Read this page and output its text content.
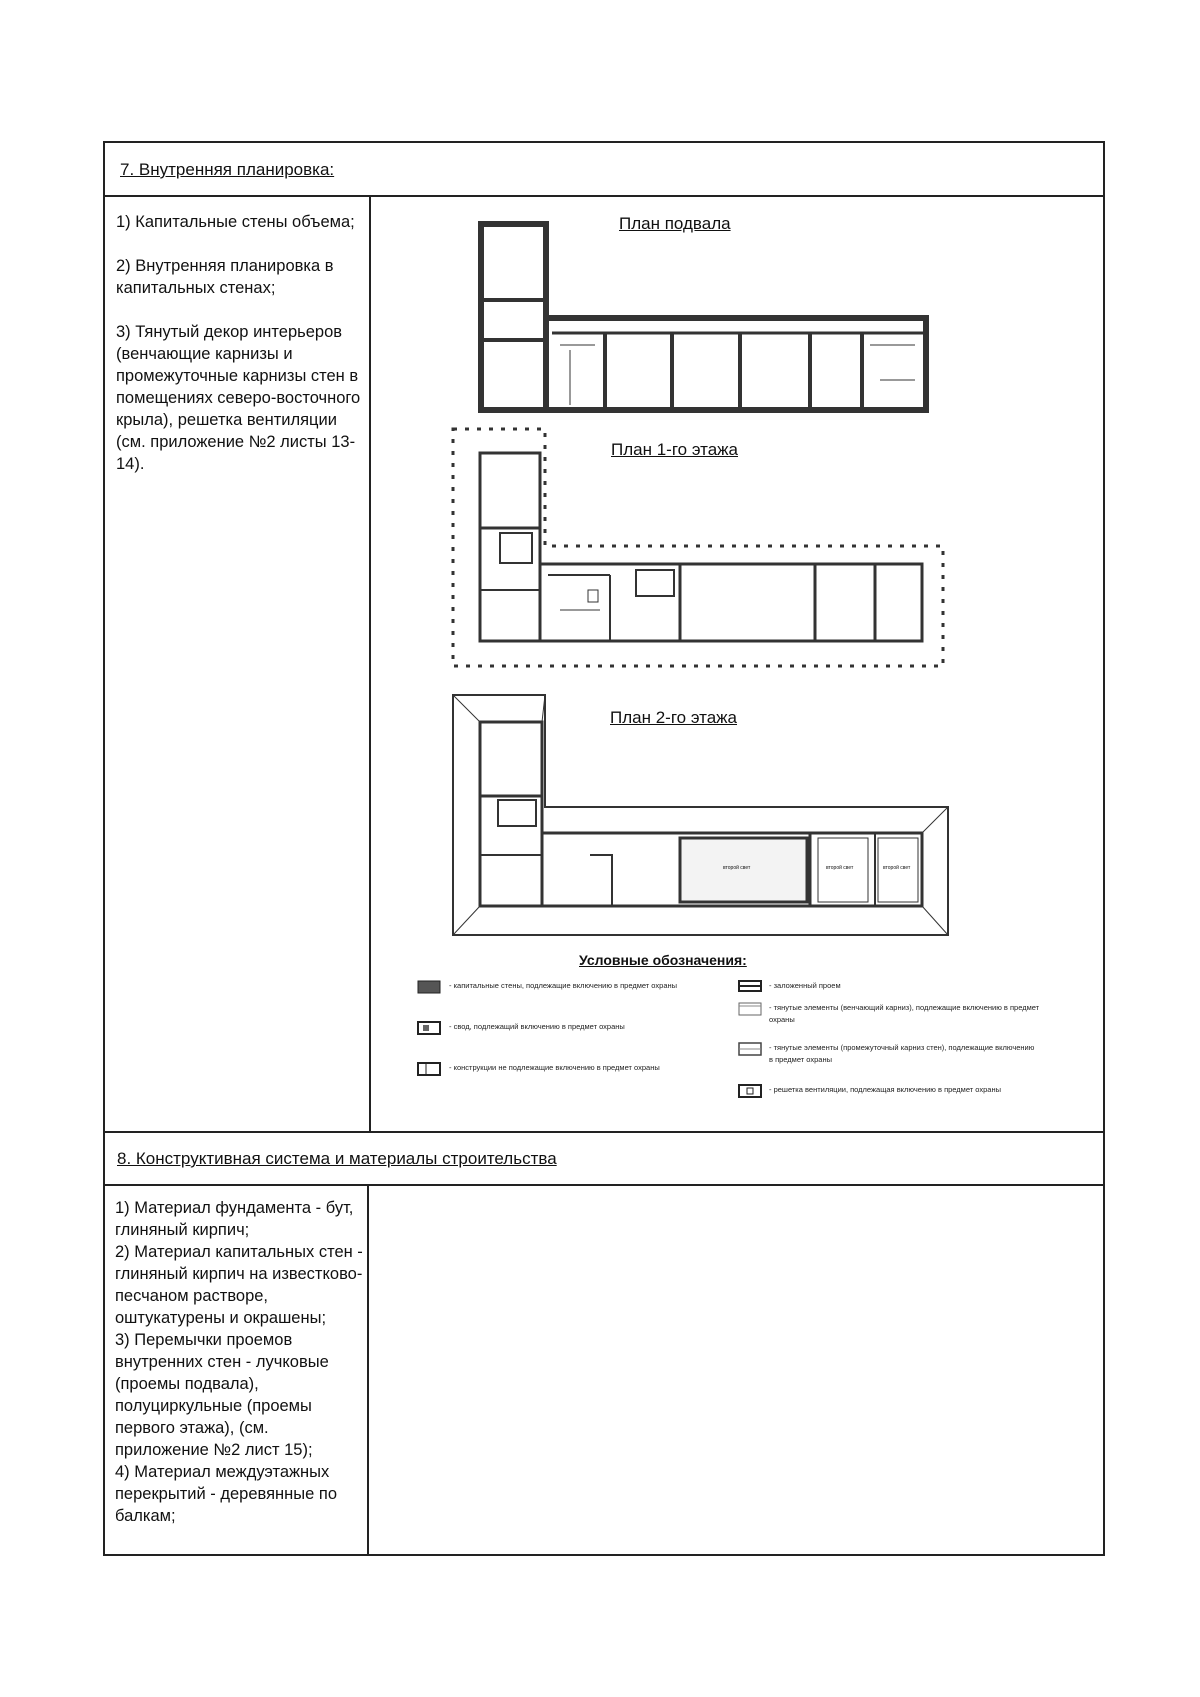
7. Внутренняя планировка:
1) Капитальные стены объема;

2) Внутренняя планировка в капитальных стенах;

3) Тянутый декор интерьеров (венчающие карнизы и промежуточные карнизы стен в помещениях северо-восточного крыла), решетка вентиляции
(см. приложение №2 листы 13-14).
8. Конструктивная система и материалы строительства
1) Материал фундамента - бут, глиняный кирпич;
2) Материал капитальных стен - глиняный кирпич на известково-песчаном растворе, оштукатурены и окрашены;
3) Перемычки проемов внутренних стен - лучковые (проемы подвала), полуциркульные (проемы первого этажа), (см. приложение №2 лист 15);
4) Материал междуэтажных перекрытий - деревянные по балкам;
План подвала
План 1-го этажа
План 2-го этажа
второй свет	второй свет	второй свет
Условные обозначения:
- капитальные стены, подлежащие включению в предмет охраны
- свод, подлежащий включению в предмет охраны
- конструкции не подлежащие включению в предмет охраны
- заложенный проем
- тянутые элементы (венчающий карниз), подлежащие включению в предмет охраны
- тянутые элементы (промежуточный карниз стен), подлежащие включению в предмет охраны
- решетка вентиляции, подлежащая включению в предмет охраны
